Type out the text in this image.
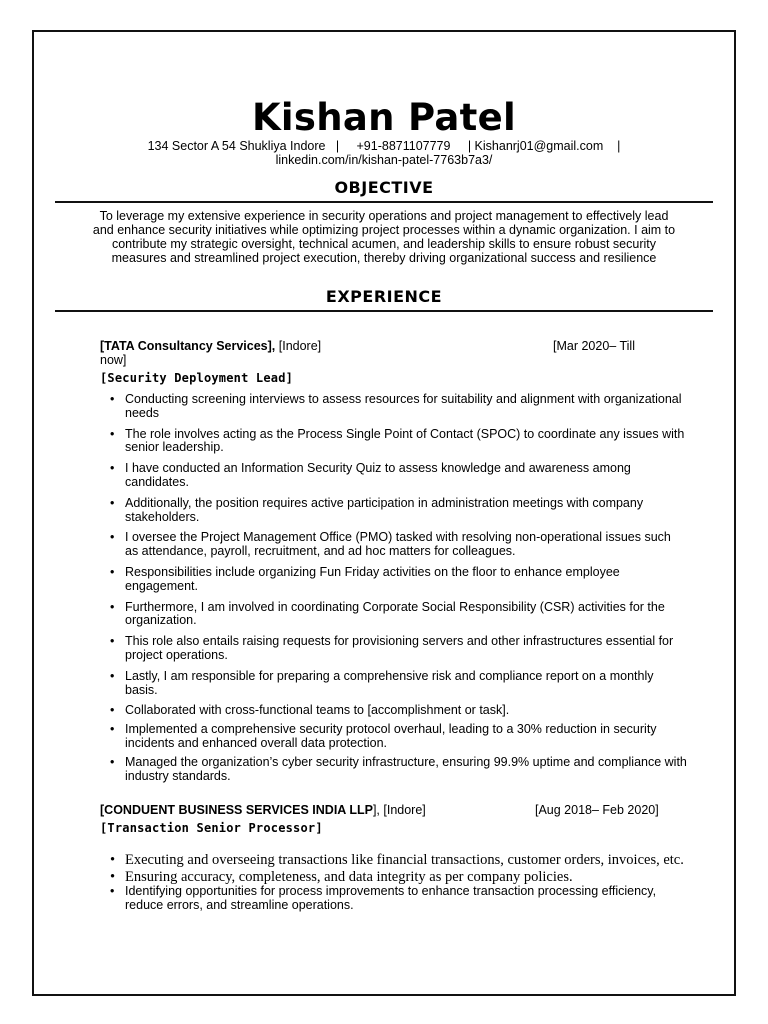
Kishan Patel
134 Sector A 54 Shukliya Indore   |     +91-8871107779     | Kishanrj01@gmail.com    |
linkedin.com/in/kishan-patel-7763b7a3/
OBJECTIVE
To leverage my extensive experience in security operations and project management to effectively lead and enhance security initiatives while optimizing project processes within a dynamic organization. I aim to contribute my strategic oversight, technical acumen, and leadership skills to ensure robust security measures and streamlined project execution, thereby driving organizational success and resilience
EXPERIENCE
[TATA Consultancy Services], [Indore]	[Mar 2020– Till
now]
[Security Deployment Lead]
• Conducting screening interviews to assess resources for suitability and alignment with organizational needs
• The role involves acting as the Process Single Point of Contact (SPOC) to coordinate any issues with senior leadership.
• I have conducted an Information Security Quiz to assess knowledge and awareness among candidates.
• Additionally, the position requires active participation in administration meetings with company stakeholders.
• I oversee the Project Management Office (PMO) tasked with resolving non-operational issues such as attendance, payroll, recruitment, and ad hoc matters for colleagues.
• Responsibilities include organizing Fun Friday activities on the floor to enhance employee engagement.
• Furthermore, I am involved in coordinating Corporate Social Responsibility (CSR) activities for the organization.
• This role also entails raising requests for provisioning servers and other infrastructures essential for project operations.
• Lastly, I am responsible for preparing a comprehensive risk and compliance report on a monthly basis.
• Collaborated with cross-functional teams to [accomplishment or task].
• Implemented a comprehensive security protocol overhaul, leading to a 30% reduction in security incidents and enhanced overall data protection.
• Managed the organization’s cyber security infrastructure, ensuring 99.9% uptime and compliance with industry standards.
[CONDUENT BUSINESS SERVICES INDIA LLP], [Indore]	[Aug 2018– Feb 2020]
[Transaction Senior Processor]
• Executing and overseeing transactions like financial transactions, customer orders, invoices, etc.
• Ensuring accuracy, completeness, and data integrity as per company policies.
• Identifying opportunities for process improvements to enhance transaction processing efficiency, reduce errors, and streamline operations.
